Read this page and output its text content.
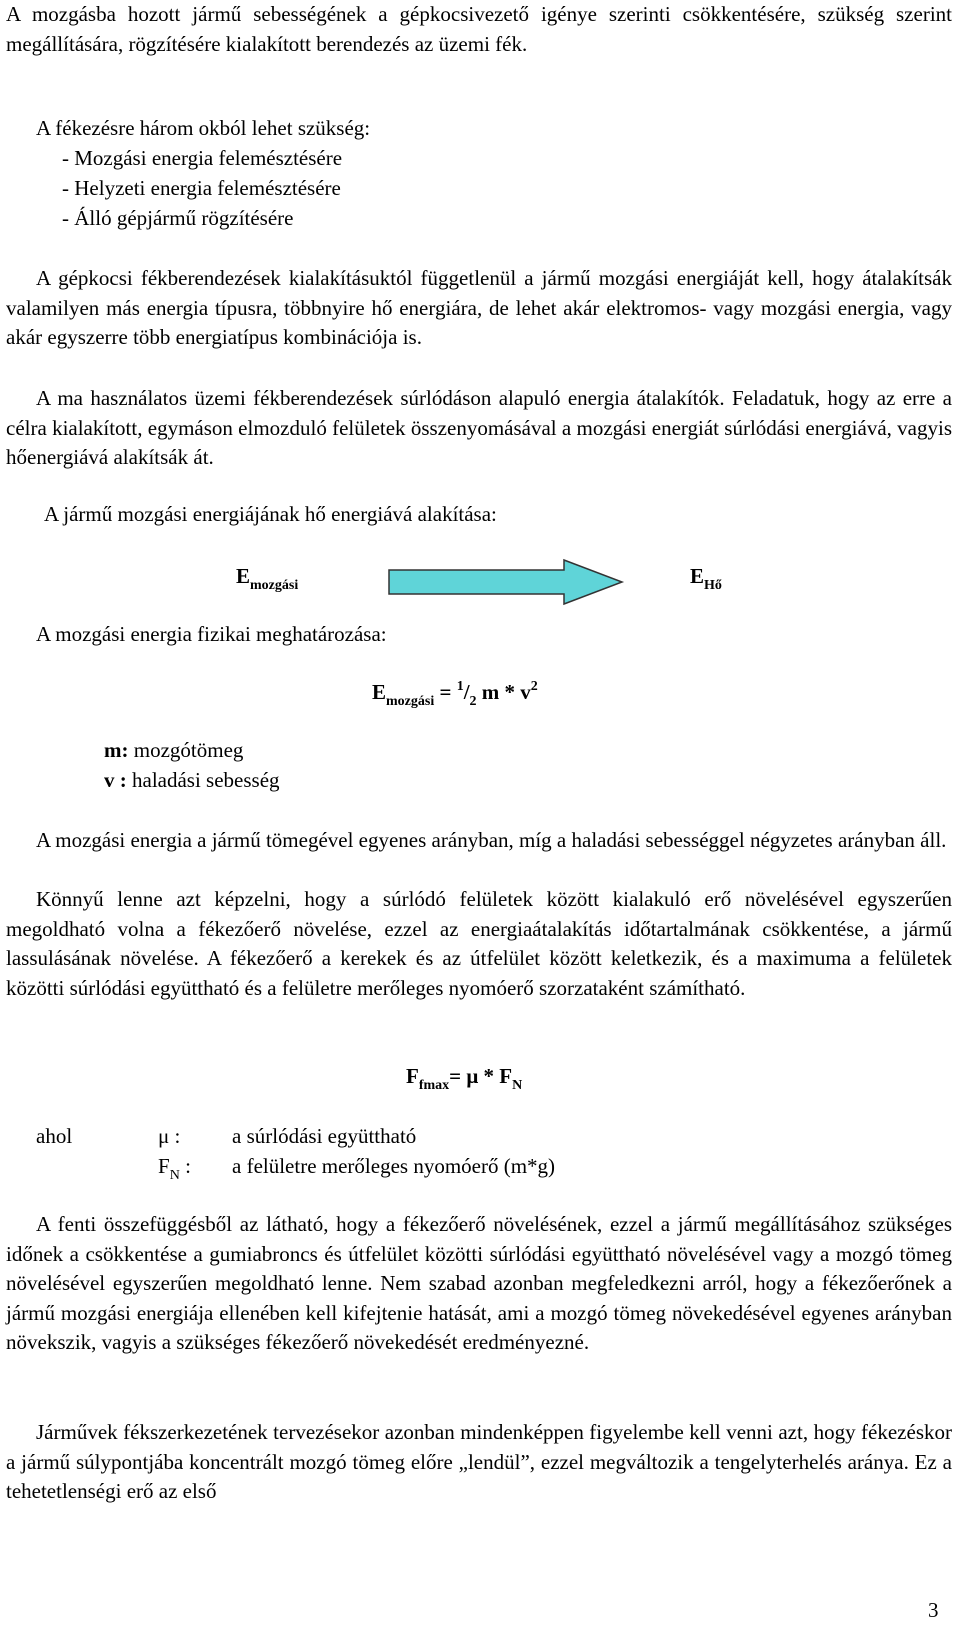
A mozgásba hozott jármű sebességének a gépkocsivezető igénye szerinti csökkentésére, szükség szerint megállítására, rögzítésére kialakított berendezés az üzemi fék.

A fékezésre három okból lehet szükség:
- Mozgási energia felemésztésére
- Helyzeti energia felemésztésére
- Álló gépjármű rögzítésére

A gépkocsi fékberendezések kialakításuktól függetlenül a jármű mozgási energiáját kell, hogy átalakítsák valamilyen más energia típusra, többnyire hő energiára, de lehet akár elektromos- vagy mozgási energia, vagy akár egyszerre több energiatípus kombinációja is.

A ma használatos üzemi fékberendezések súrlódáson alapuló energia átalakítók. Feladatuk, hogy az erre a célra kialakított, egymáson elmozduló felületek összenyomásával a mozgási energiát súrlódási energiává, vagyis hőenergiává alakítsák át.

A jármű mozgási energiájának hő energiává alakítása:
$E_{mozgási}$	$E_{Hő}$
A mozgási energia fizikai meghatározása:
$E_{mozgási} = ^1/_2$ m * $v^2$
m: mozgótömeg
v : haladási sebesség

A mozgási energia a jármű tömegével egyenes arányban, míg a haladási sebességgel négyzetes arányban áll.

Könnyű lenne azt képzelni, hogy a súrlódó felületek között kialakuló erő növelésével egyszerűen megoldható volna a fékezőerő növelése, ezzel az energiaátalakítás időtartalmának csökkentése, a jármű lassulásának növelése. A fékezőerő a kerekek és az útfelület között keletkezik, és a maximuma a felületek közötti súrlódási együttható és a felületre merőleges nyomóerő szorzataként számítható.

$F_{fmax}= \mu * F_N$
ahol	μ : a súrlódási együttható
$F_N$ : a felületre merőleges nyomóerő (m*g)

A fenti összefüggésből az látható, hogy a fékezőerő növelésének, ezzel a jármű megállításához szükséges időnek a csökkentése a gumiabroncs és útfelület közötti súrlódási együttható növelésével vagy a mozgó tömeg növelésével egyszerűen megoldható lenne. Nem szabad azonban megfeledkezni arról, hogy a fékezőerőnek a jármű mozgási energiája ellenében kell kifejtenie hatását, ami a mozgó tömeg növekedésével egyenes arányban növekszik, vagyis a szükséges fékezőerő növekedését eredményezné.

Járművek fékszerkezetének tervezésekor azonban mindenképpen figyelembe kell venni azt, hogy fékezéskor a jármű súlypontjába koncentrált mozgó tömeg előre „lendül”, ezzel megváltozik a tengelyterhelés aránya. Ez a tehetetlenségi erő az első

3
